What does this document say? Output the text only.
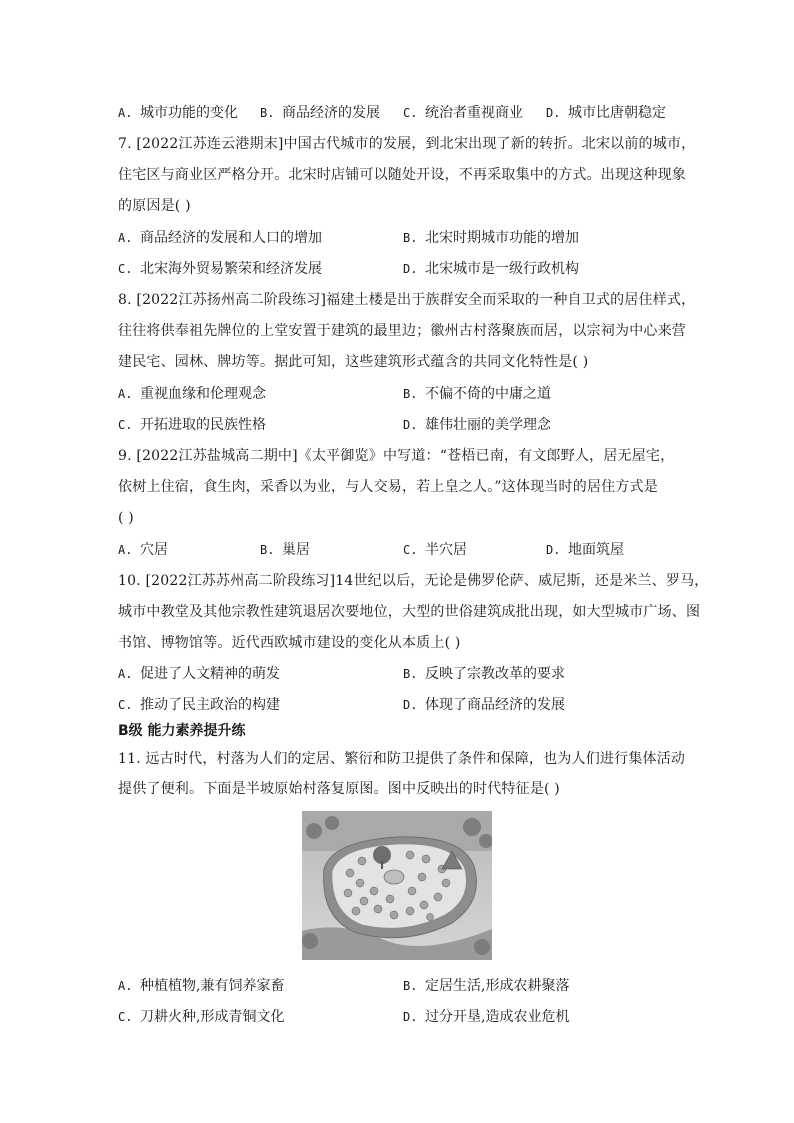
A. 城市功能的变化 B. 商品经济的发展 C. 统治者重视商业 D. 城市比唐朝稳定
7. [2022江苏连云港期末]中国古代城市的发展，到北宋出现了新的转折。北宋以前的城市，
住宅区与商业区严格分开。北宋时店铺可以随处开设，不再采取集中的方式。出现这种现象
的原因是( )
A. 商品经济的发展和人口的增加	B. 北宋时期城市功能的增加
C. 北宋海外贸易繁荣和经济发展	D. 北宋城市是一级行政机构
8. [2022江苏扬州高二阶段练习]福建土楼是出于族群安全而采取的一种自卫式的居住样式，
往往将供奉祖先牌位的上堂安置于建筑的最里边；徽州古村落聚族而居，以宗祠为中心来营
建民宅、园林、牌坊等。据此可知，这些建筑形式蕴含的共同文化特性是( )
A. 重视血缘和伦理观念	B. 不偏不倚的中庸之道
C. 开拓进取的民族性格	D. 雄伟壮丽的美学理念
9. [2022江苏盐城高二期中]《太平御览》中写道：“苍梧已南，有文郎野人，居无屋宅，
依树上住宿，食生肉，采香以为业，与人交易，若上皇之人。”这体现当时的居住方式是
( )
A. 穴居	B. 巢居	C. 半穴居	D. 地面筑屋
10. [2022江苏苏州高二阶段练习]14世纪以后，无论是佛罗伦萨、威尼斯，还是米兰、罗马，
城市中教堂及其他宗教性建筑退居次要地位，大型的世俗建筑成批出现，如大型城市广场、图
书馆、博物馆等。近代西欧城市建设的变化从本质上( )
A. 促进了人文精神的萌发	B. 反映了宗教改革的要求
C. 推动了民主政治的构建	D. 体现了商品经济的发展
B级 能力素养提升练
11. 远古时代，村落为人们的定居、繁衍和防卫提供了条件和保障，也为人们进行集体活动
提供了便利。下面是半坡原始村落复原图。图中反映出的时代特征是( )
A. 种植植物,兼有饲养家畜	B. 定居生活,形成农耕聚落
C. 刀耕火种,形成青铜文化	D. 过分开垦,造成农业危机
